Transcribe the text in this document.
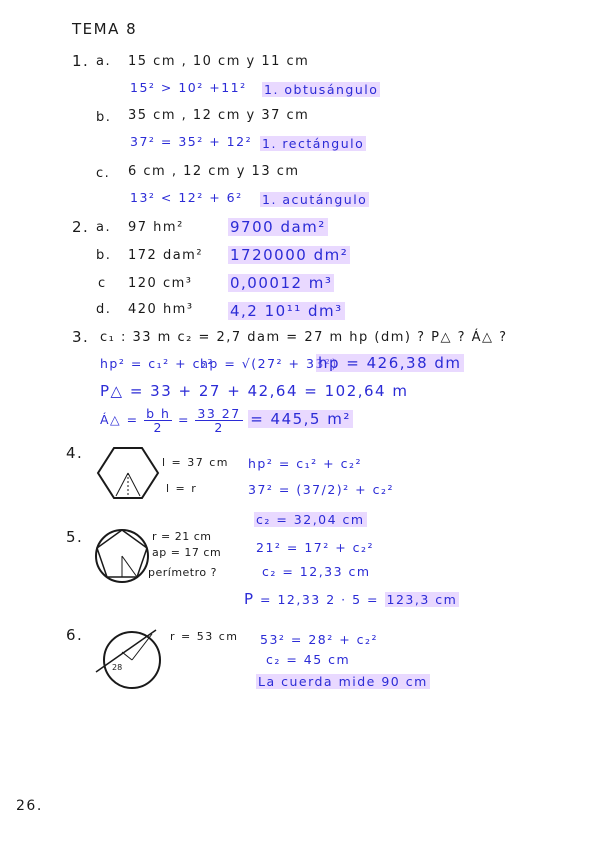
TEMA 8
1. a. 15 cm , 10 cm y 11 cm
15² > 10² +11² 1. obtusángulo
b. 35 cm , 12 cm y 37 cm
37² = 35² + 12² 1. rectángulo
c. 6 cm , 12 cm y 13 cm
13² < 12² + 6² 1. acutángulo
2. a. 97 hm²	9700 dam²
b. 172 dam² 1720000 dm²
c 120 cm³	0,00012 m³
d. 420 hm³ 4,2 10¹¹ dm³
3. c₁ : 33 m c₂ = 2,7 dam = 27 m hp (dm) ? P△ ? Á△ ?
hp² = c₁² + c₂²
hp = √(27² + 33²)
hp = 426,38 dm
P△ = 33 + 27 + 42,64 = 102,64 m
Á△ = $\frac{\text{b h}}{2} = \frac{33 27}{2} = 445,5$ m²
4.
l = 37 cm
l = r
hp² = c₁² + c₂²
37² = (37/2)² + c₂²
c₂ = 32,04 cm
5.	r = 21 cm
ap = 17 cm
perímetro ?
21² = 17² + c₂²
c₂ = 12,33 cm
P = 12,33 2 · 5 = 123,3 cm
6.
28
r = 53 cm 53² = 28² + c₂²
c₂ = 45 cm
La cuerda mide 90 cm
26.
